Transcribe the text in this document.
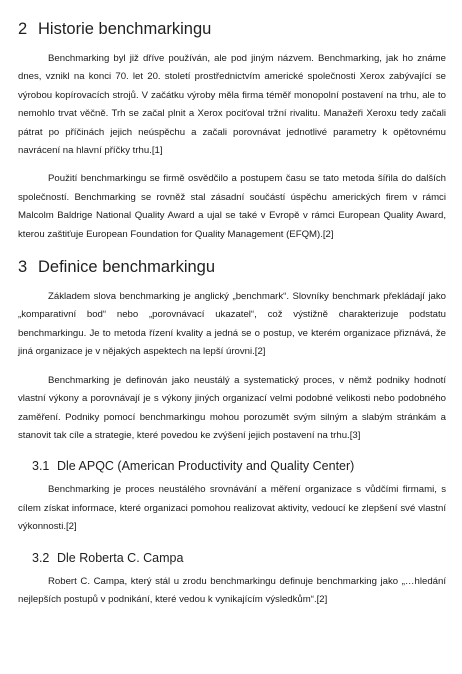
2 Historie benchmarkingu

Benchmarking byl již dříve používán, ale pod jiným názvem. Benchmarking, jak ho známe dnes, vznikl na konci 70. let 20. století prostřednictvím americké společnosti Xerox zabývající se výrobou kopírovacích strojů. V začátku výroby měla firma téměř monopolní postavení na trhu, ale to nemohlo trvat věčně. Trh se začal plnit a Xerox pociťoval tržní rivalitu. Manažeři Xeroxu tedy začali pátrat po příčinách jejich neúspěchu a začali porovnávat jednotlivé parametry k opětovnému navrácení na hlavní příčky trhu.[1]

Použití benchmarkingu se firmě osvědčilo a postupem času se tato metoda šířila do dalších společností. Benchmarking se rovněž stal zásadní součástí úspěchu amerických firem v rámci Malcolm Baldrige National Quality Award a ujal se také v Evropě v rámci European Quality Award, kterou zaštiťuje European Foundation for Quality Management (EFQM).[2]

3 Definice benchmarkingu

Základem slova benchmarking je anglický „benchmark“. Slovníky benchmark překládají jako „komparativní bod“ nebo „porovnávací ukazatel“, což výstižně charakterizuje podstatu benchmarkingu. Je to metoda řízení kvality a jedná se o postup, ve kterém organizace přiznává, že jiná organizace je v nějakých aspektech na lepší úrovni.[2]

Benchmarking je definován jako neustálý a systematický proces, v němž podniky hodnotí vlastní výkony a porovnávají je s výkony jiných organizací velmi podobné velikosti nebo podobného zaměření. Podniky pomocí benchmarkingu mohou porozumět svým silným a slabým stránkám a stanovit tak cíle a strategie, které povedou ke zvýšení jejich postavení na trhu.[3]

3.1 Dle APQC (American Productivity and Quality Center)

Benchmarking je proces neustálého srovnávání a měření organizace s vůdčími firmami, s cílem získat informace, které organizaci pomohou realizovat aktivity, vedoucí ke zlepšení své vlastní výkonnosti.[2]

3.2 Dle Roberta C. Campa

Robert C. Campa, který stál u zrodu benchmarkingu definuje benchmarking jako „…hledání nejlepších postupů v podnikání, které vedou k vynikajícím výsledkům“.[2]
